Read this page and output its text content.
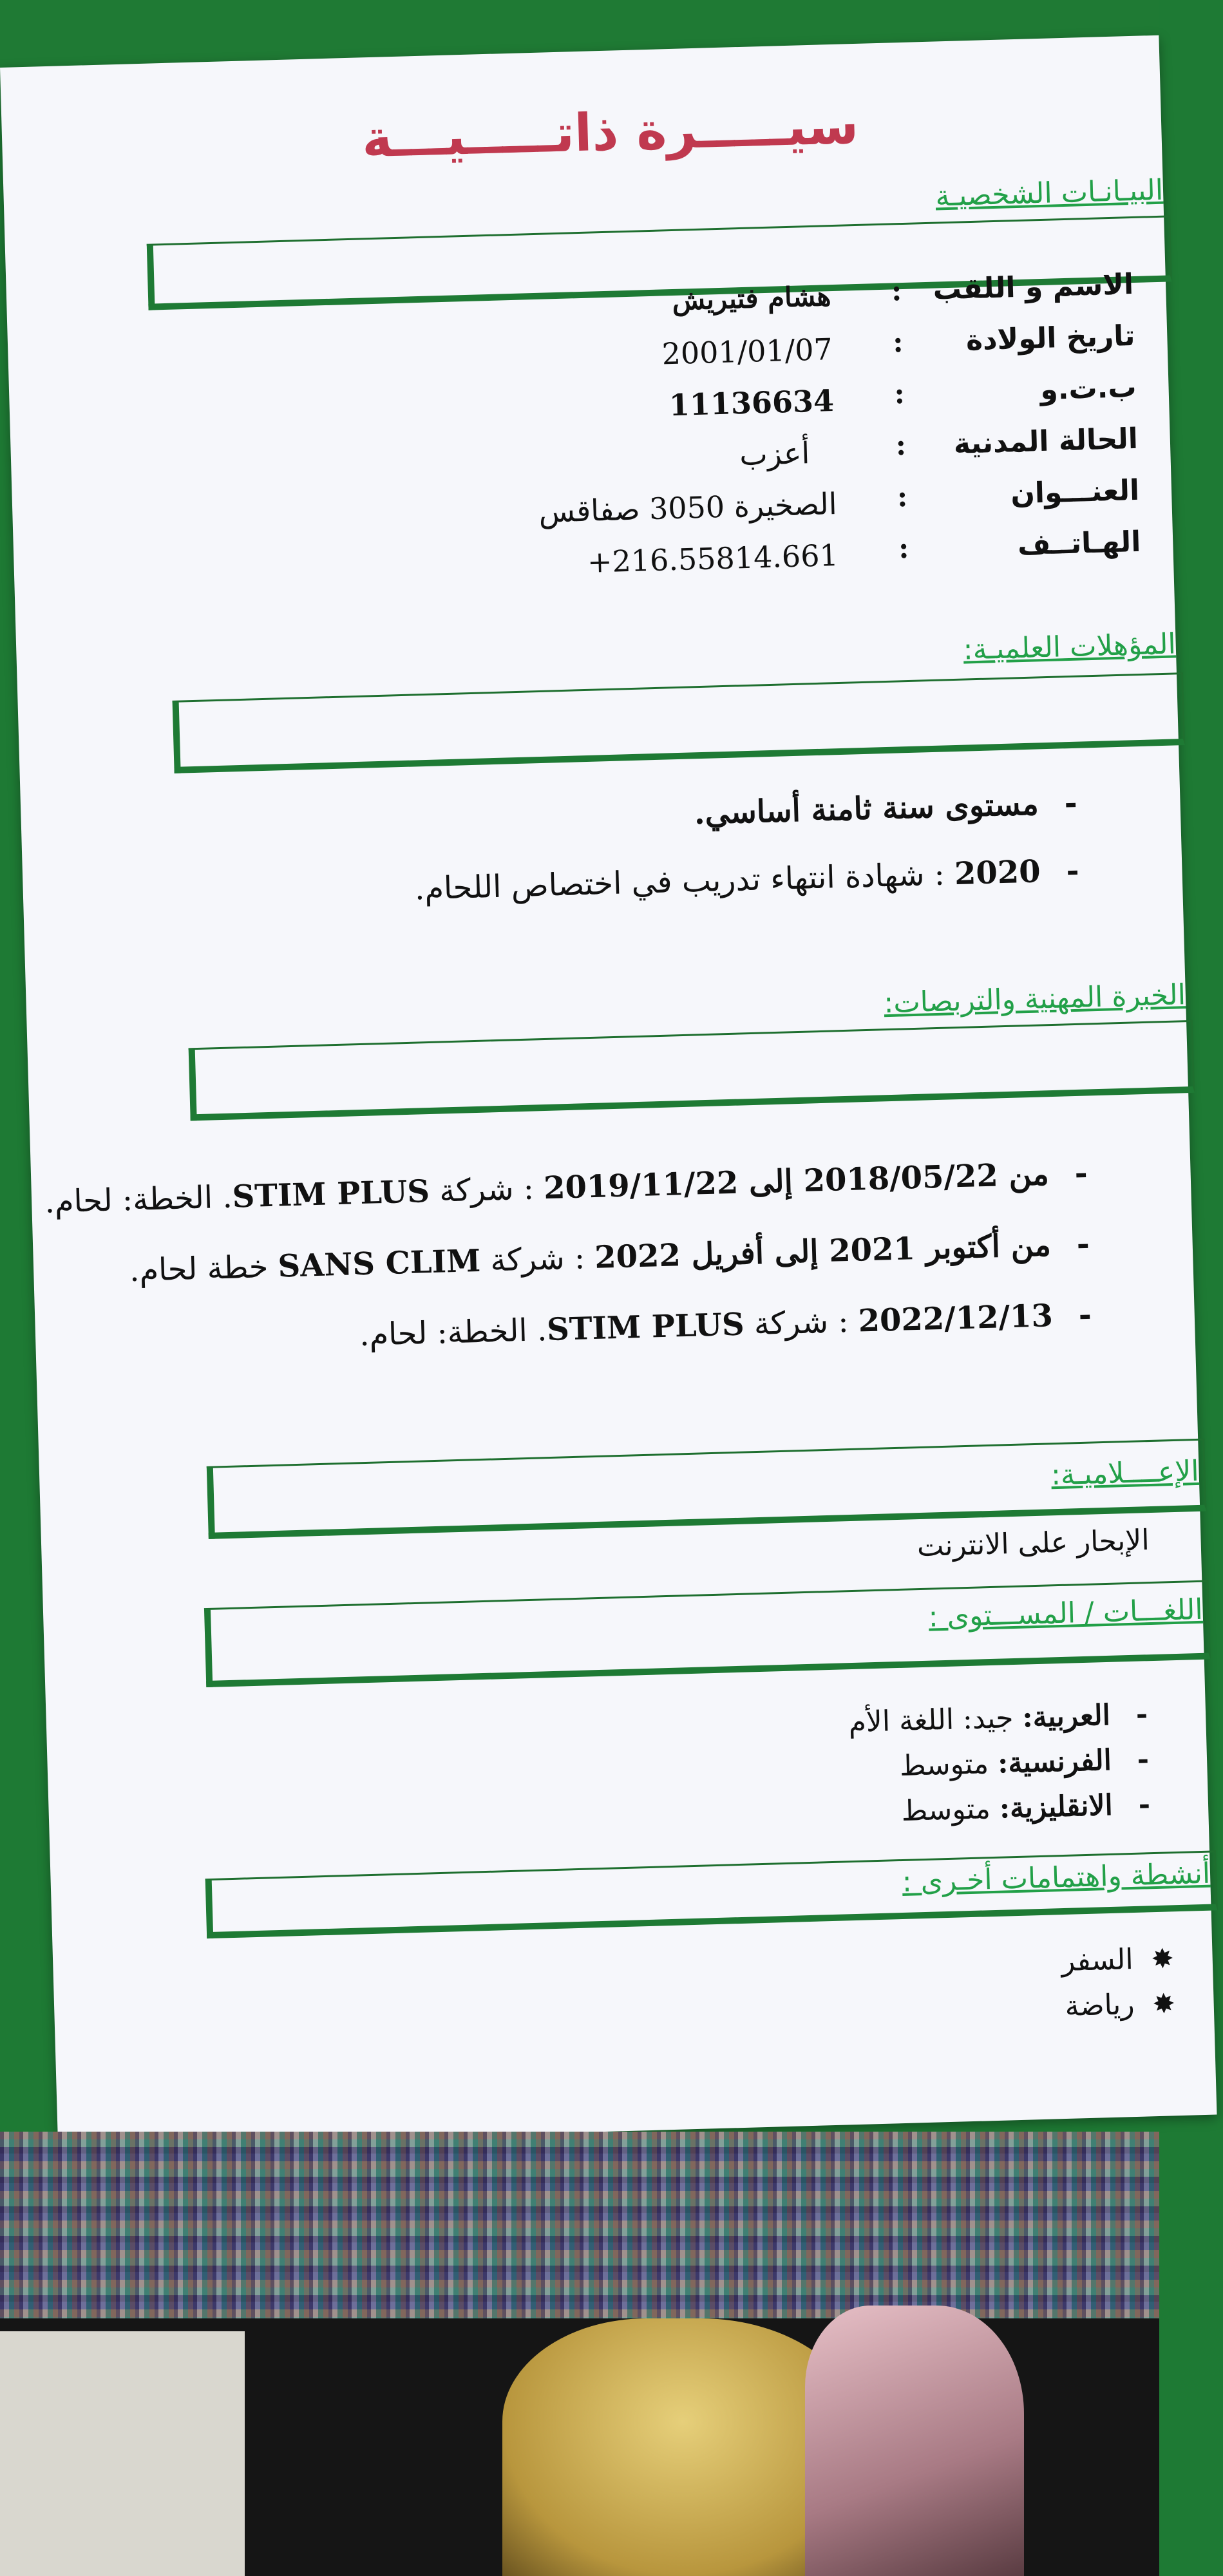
سيـــــرة ذاتـــــيـــة
البيـانـات الشخصيـة
الاسم و اللقب
:
هشام فتيريش
تاريخ الولادة
:
2001/01/07
ب.ت.و
:
11136634
الحالة المدنية
:
أعزب
العنـــوان
:
الصخيرة 3050 صفاقس
الهـاتــف
:
+216.55814.661
المؤهلات العلميـة:
-مستوى سنة ثامنة أساسي.
-2020 : شهادة انتهاء تدريب في اختصاص اللحام.
الخبرة المهنية والتربصات:
-من 2018/05/22 إلى 2019/11/22 : شركة STIM PLUS. الخطة: لحام.
-من أكتوبر 2021 إلى أفريل 2022 : شركة SANS CLIM خطة لحام.
-2022/12/13 : شركة STIM PLUS. الخطة: لحام.
الإعــــلاميـة:
الإبحار على الانترنت
اللغـــات / المســـتوى :
-العربية: جيد: اللغة الأم
-الفرنسية: متوسط
-الانقليزية: متوسط
أنشطة واهتمامات أخـرى :
✸  السفر
✸  رياضة
